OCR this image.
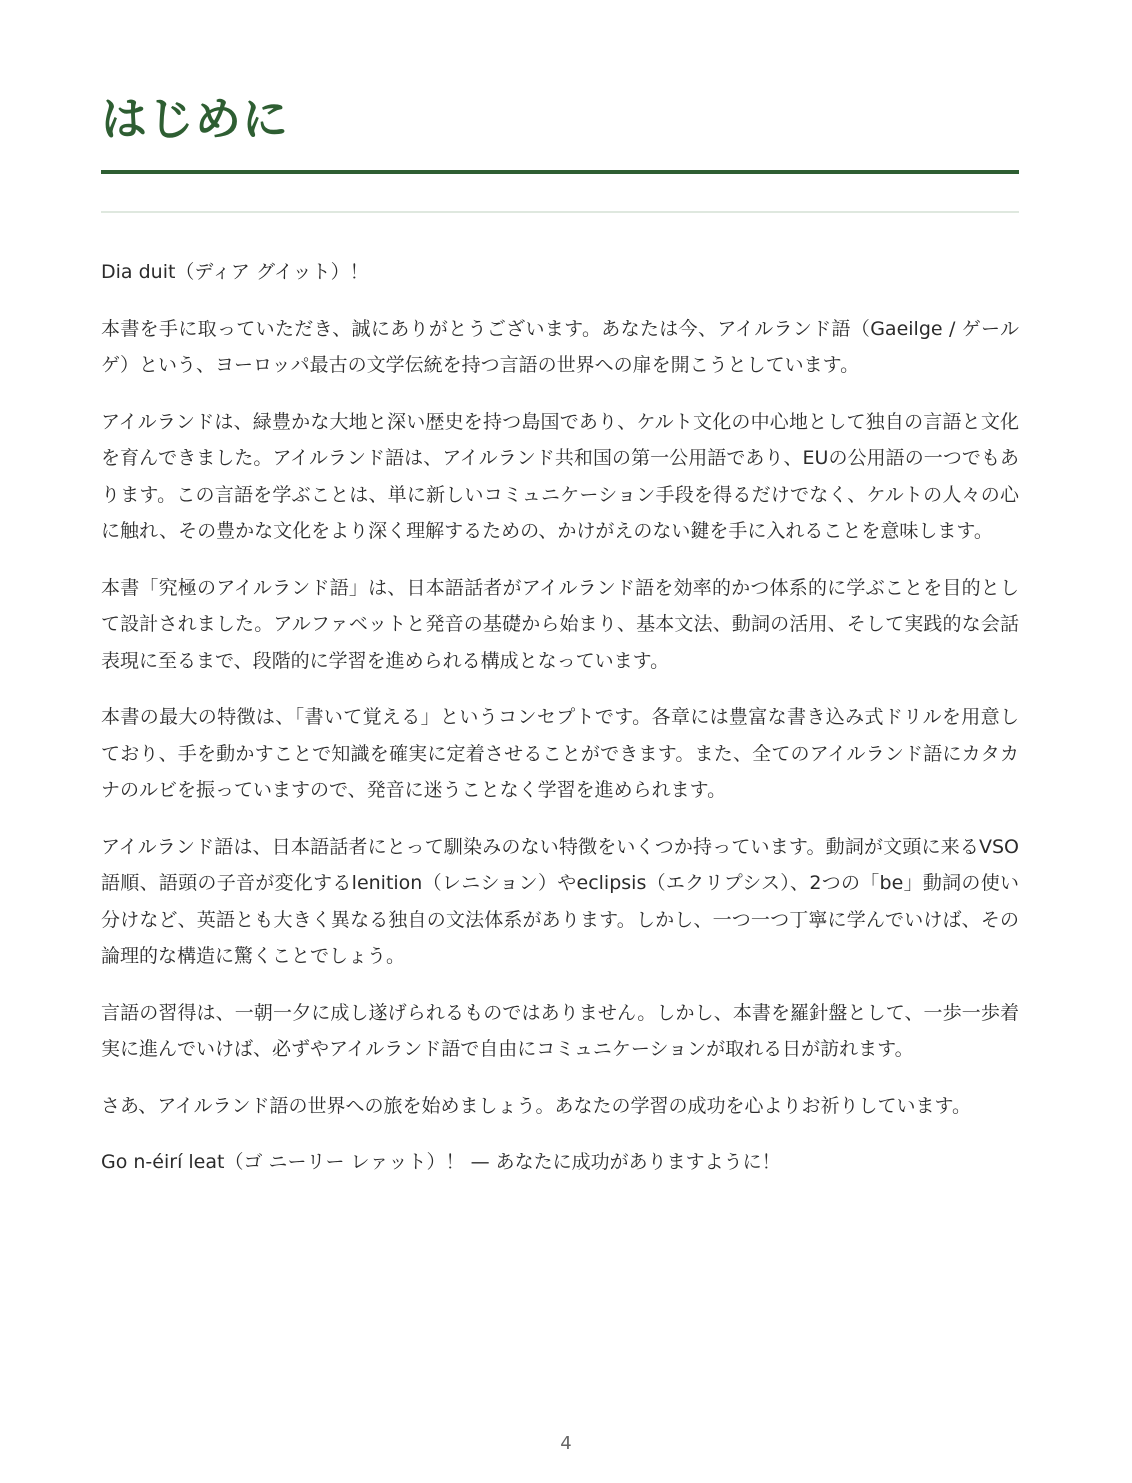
はじめに

Dia duit（ディア グイット）！

本書を手に取っていただき、誠にありがとうございます。あなたは今、アイルランド語（Gaeilge / ゲールゲ）という、ヨーロッパ最古の文学伝統を持つ言語の世界への扉を開こうとしています。

アイルランドは、緑豊かな大地と深い歴史を持つ島国であり、ケルト文化の中心地として独自の言語と文化を育んできました。アイルランド語は、アイルランド共和国の第一公用語であり、EUの公用語の一つでもあります。この言語を学ぶことは、単に新しいコミュニケーション手段を得るだけでなく、ケルトの人々の心に触れ、その豊かな文化をより深く理解するための、かけがえのない鍵を手に入れることを意味します。

本書「究極のアイルランド語」は、日本語話者がアイルランド語を効率的かつ体系的に学ぶことを目的として設計されました。アルファベットと発音の基礎から始まり、基本文法、動詞の活用、そして実践的な会話表現に至るまで、段階的に学習を進められる構成となっています。

本書の最大の特徴は、「書いて覚える」というコンセプトです。各章には豊富な書き込み式ドリルを用意しており、手を動かすことで知識を確実に定着させることができます。また、全てのアイルランド語にカタカナのルビを振っていますので、発音に迷うことなく学習を進められます。

アイルランド語は、日本語話者にとって馴染みのない特徴をいくつか持っています。動詞が文頭に来るVSO語順、語頭の子音が変化するlenition（レニション）やeclipsis（エクリプシス）、2つの「be」動詞の使い分けなど、英語とも大きく異なる独自の文法体系があります。しかし、一つ一つ丁寧に学んでいけば、その論理的な構造に驚くことでしょう。

言語の習得は、一朝一夕に成し遂げられるものではありません。しかし、本書を羅針盤として、一歩一歩着実に進んでいけば、必ずやアイルランド語で自由にコミュニケーションが取れる日が訪れます。

さあ、アイルランド語の世界への旅を始めましょう。あなたの学習の成功を心よりお祈りしています。

Go n-éirí leat（ゴ ニーリー レァット）！ — あなたに成功がありますように！

4
